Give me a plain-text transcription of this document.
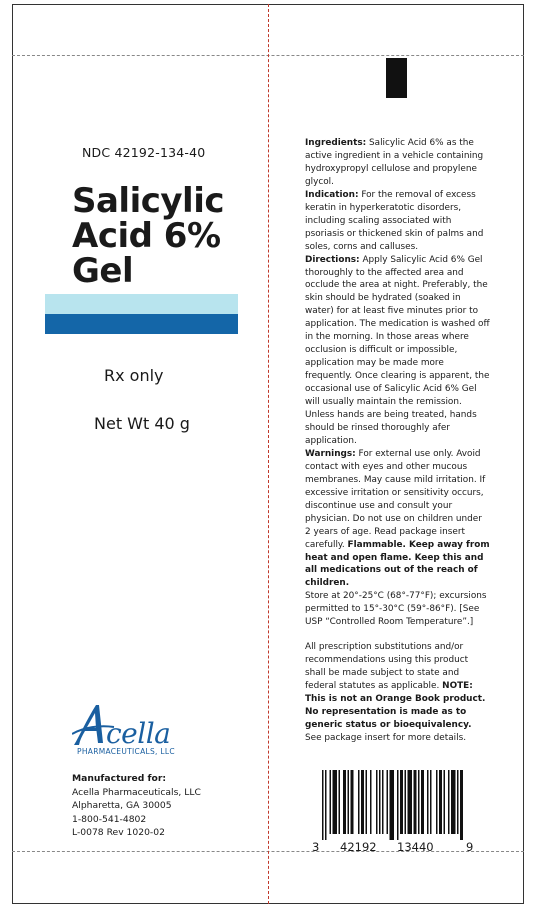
NDC 42192-134-40
Salicylic
Acid 6%
Gel
Rx only
Net Wt 40 g
cella
PHARMACEUTICALS, LLC
Manufactured for:
Acella Pharmaceuticals, LLC
Alpharetta, GA 30005
1-800-541-4802
L-0078 Rev 1020-02

Ingredients: Salicylic Acid 6% as the active ingredient in a vehicle containing hydroxypropyl cellulose and propylene glycol.

Indication: For the removal of excess keratin in hyperkeratotic disorders, including scaling associated with psoriasis or thickened skin of palms and soles, corns and calluses.

Directions: Apply Salicylic Acid 6% Gel thoroughly to the affected area and occlude the area at night. Preferably, the skin should be hydrated (soaked in water) for at least five minutes prior to application. The medication is washed off in the morning. In those areas where occlusion is difficult or impossible, application may be made more frequently. Once clearing is apparent, the occasional use of Salicylic Acid 6% Gel will usually maintain the remission. Unless hands are being treated, hands should be rinsed thoroughly afer application.

Warnings: For external use only. Avoid contact with eyes and other mucous membranes. May cause mild irritation. If excessive irritation or sensitivity occurs, discontinue use and consult your physician. Do not use on children under 2 years of age. Read package insert carefully. Flammable. Keep away from heat and open flame. Keep this and all medications out of the reach of children.

Store at 20°-25°C (68°-77°F); excursions permitted to 15°-30°C (59°-86°F). [See USP “Controlled Room Temperature”.]

All prescription substitutions and/or recommendations using this product shall be made subject to state and federal statutes as applicable. NOTE: This is not an Orange Book product. No representation is made as to generic status or bioequivalency. See package insert for more details.

3 42192 13440	9
